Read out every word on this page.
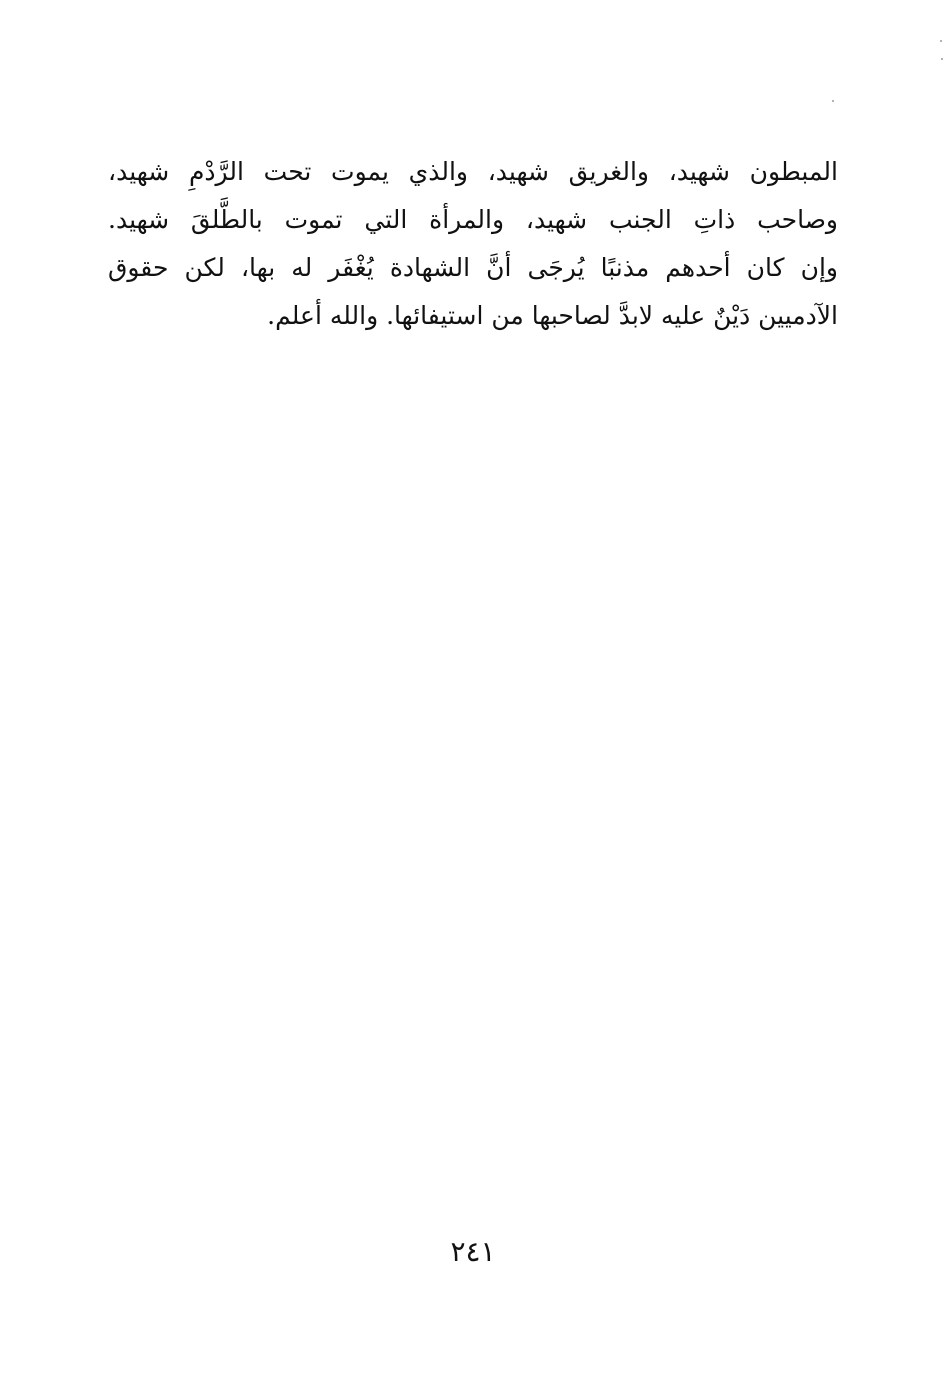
المبطون شهيد، والغريق شهيد، والذي يموت تحت الرَّدْمِ شهيد،
وصاحب ذاتِ الجنب شهيد، والمرأة التي تموت بالطَّلقَ شهيد.
وإن كان أحدهم مذنبًا يُرجَى أنَّ الشهادة يُغْفَر له بها، لكن حقوق
الآدميين دَيْنٌ عليه لابدَّ لصاحبها من استيفائها. والله أعلم.
٢٤١
